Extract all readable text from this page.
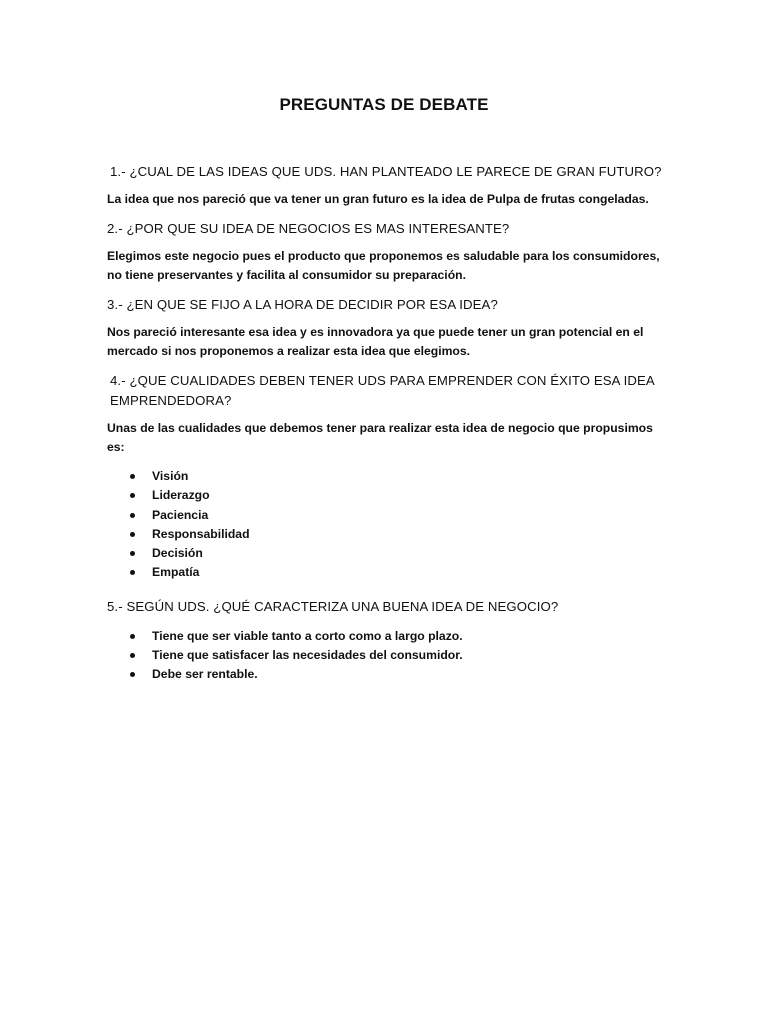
PREGUNTAS DE DEBATE
1.- ¿CUAL DE LAS IDEAS QUE UDS. HAN PLANTEADO LE PARECE DE GRAN FUTURO?
La idea que nos pareció que va tener un gran futuro es la idea de Pulpa de frutas congeladas.
2.- ¿POR QUE SU IDEA DE NEGOCIOS ES MAS INTERESANTE?
Elegimos este negocio pues el producto que proponemos es saludable para los consumidores, no tiene preservantes y facilita al consumidor su preparación.
3.- ¿EN QUE SE FIJO A LA HORA DE DECIDIR POR ESA IDEA?
Nos pareció interesante esa idea y es innovadora ya que puede tener un gran potencial en el mercado si nos proponemos a realizar esta idea que elegimos.
4.- ¿QUE CUALIDADES DEBEN TENER UDS PARA EMPRENDER CON ÉXITO ESA IDEA EMPRENDEDORA?
Unas de las cualidades que debemos tener para realizar esta idea de negocio que propusimos es:
Visión
Liderazgo
Paciencia
Responsabilidad
Decisión
Empatía
5.- SEGÚN UDS. ¿QUÉ CARACTERIZA UNA BUENA IDEA DE NEGOCIO?
Tiene que ser viable tanto a corto como a largo plazo.
Tiene que satisfacer las necesidades del consumidor.
Debe ser rentable.
